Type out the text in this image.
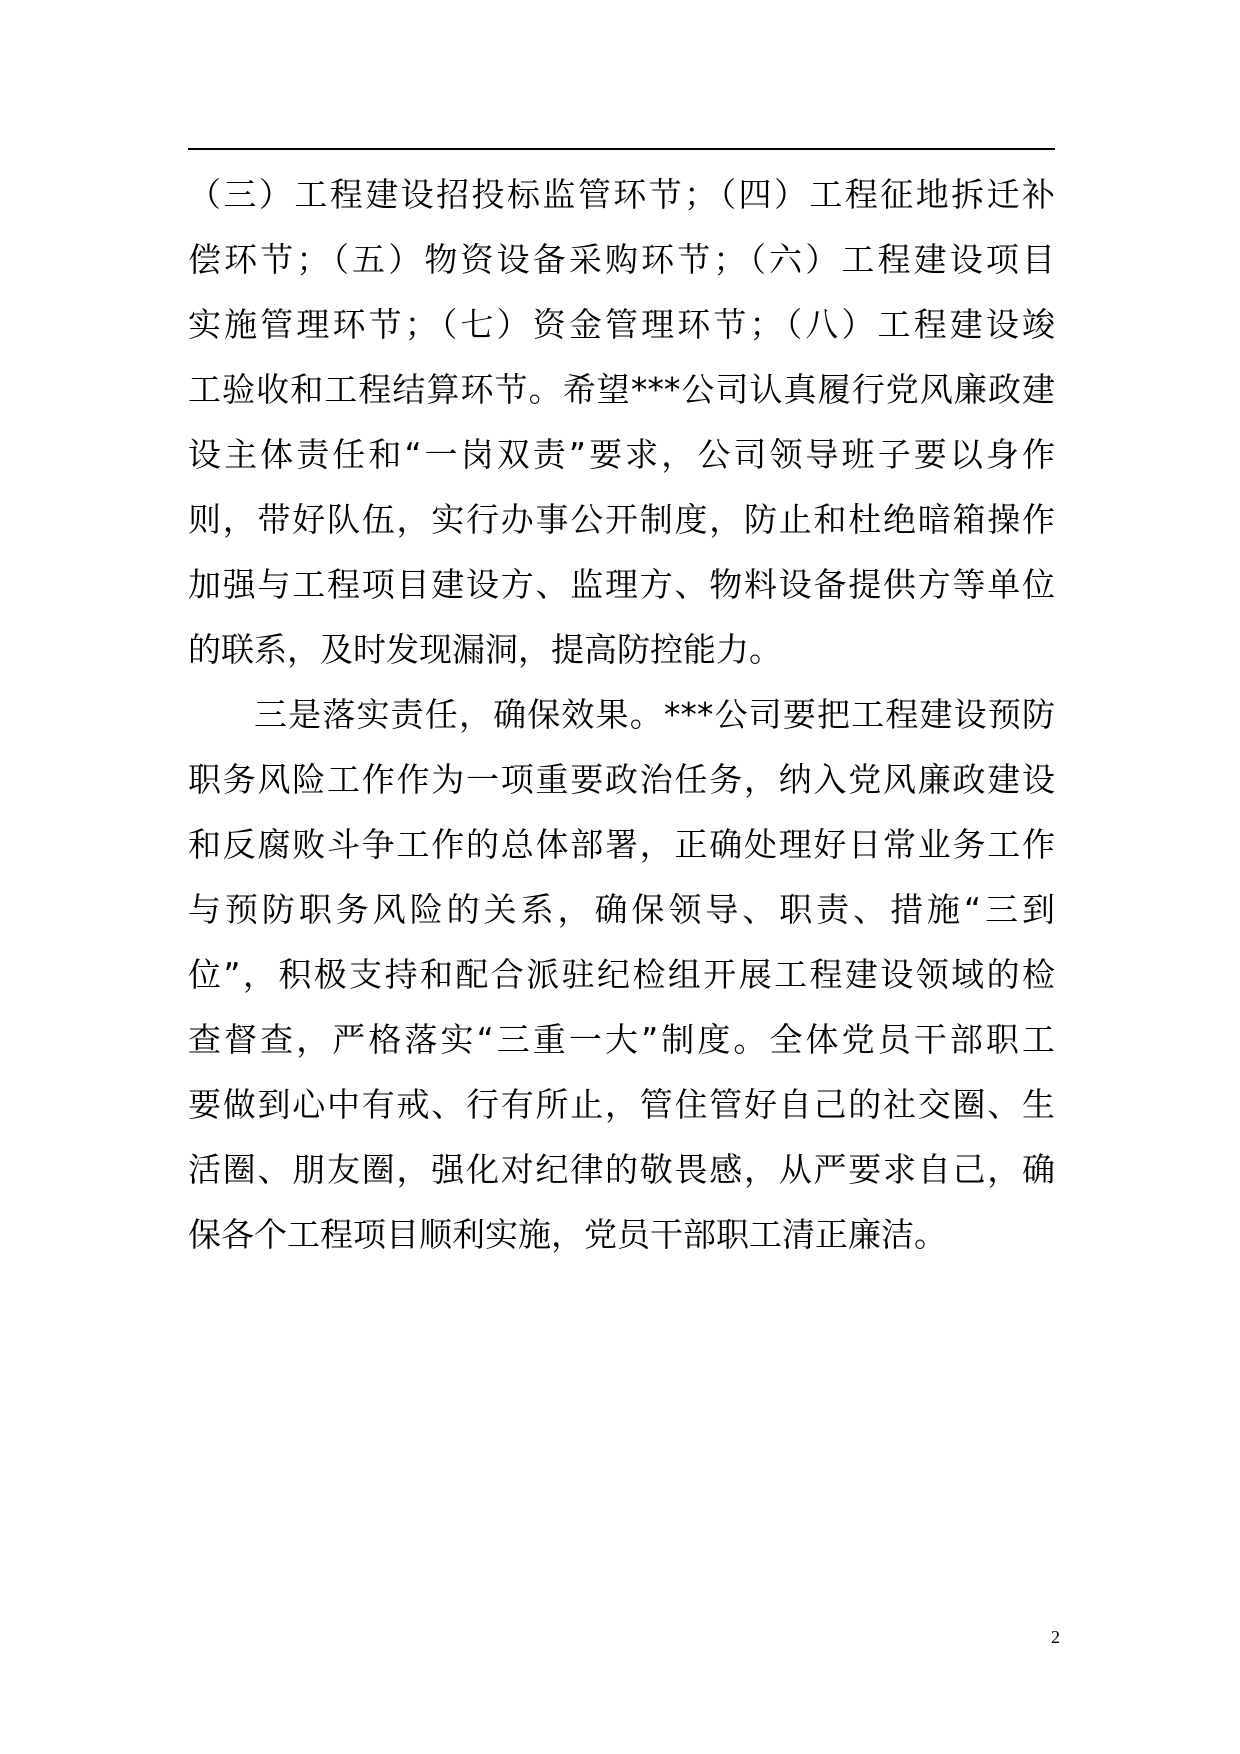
（三）工程建设招投标监管环节；（四）工程征地拆迁补
偿环节；（五）物资设备采购环节；（六）工程建设项目
实施管理环节；（七）资金管理环节；（八）工程建设竣
工验收和工程结算环节。希望***公司认真履行党风廉政建
设主体责任和“一岗双责”要求，公司领导班子要以身作
则，带好队伍，实行办事公开制度，防止和杜绝暗箱操作
加强与工程项目建设方、监理方、物料设备提供方等单位
的联系，及时发现漏洞，提高防控能力。
三是落实责任，确保效果。***公司要把工程建设预防
职务风险工作作为一项重要政治任务，纳入党风廉政建设
和反腐败斗争工作的总体部署，正确处理好日常业务工作
与预防职务风险的关系，确保领导、职责、措施“三到
位”，积极支持和配合派驻纪检组开展工程建设领域的检
查督查，严格落实“三重一大”制度。全体党员干部职工
要做到心中有戒、行有所止，管住管好自己的社交圈、生
活圈、朋友圈，强化对纪律的敬畏感，从严要求自己，确
保各个工程项目顺利实施，党员干部职工清正廉洁。
2
